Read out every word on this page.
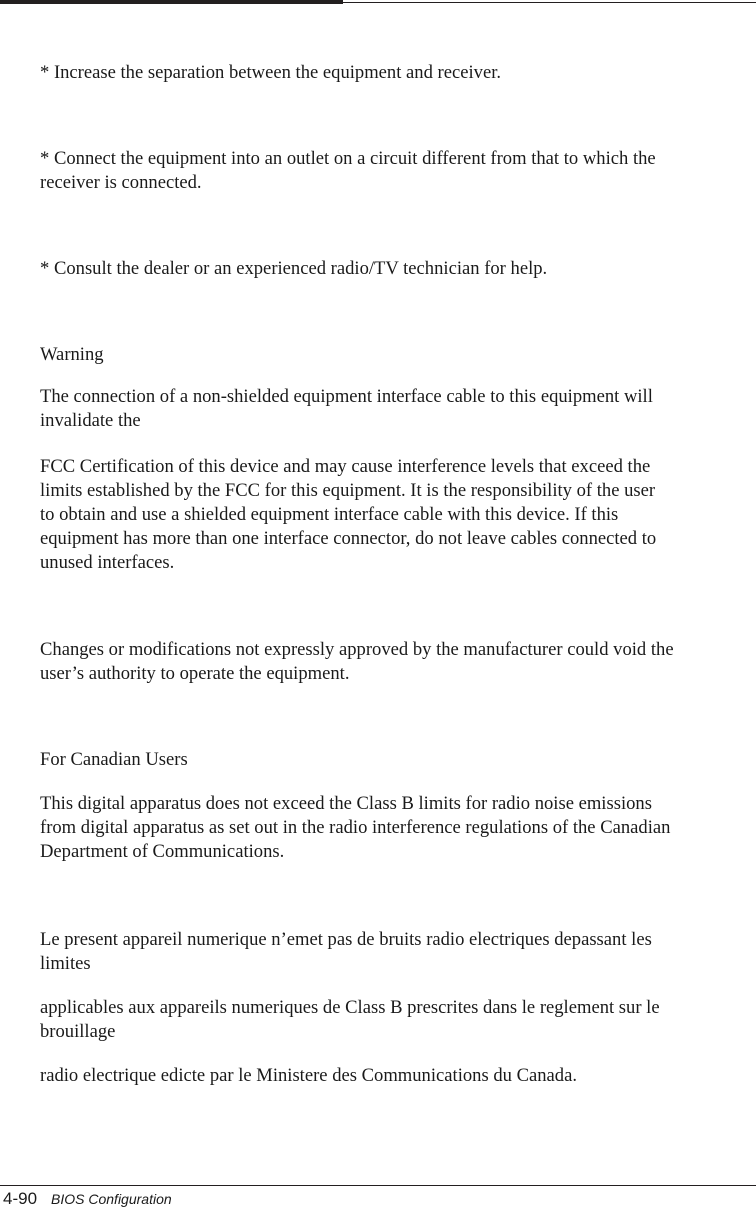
* Increase the separation between the equipment and receiver.

* Connect the equipment into an outlet on a circuit different from that to which the

receiver is connected.

* Consult the dealer or an experienced radio/TV technician for help.

Warning

The connection of a non-shielded equipment interface cable to this equipment will

invalidate the

FCC Certification of this device and may cause interference levels that exceed the

limits established by the FCC for this equipment. It is the responsibility of the user

to obtain and use a shielded equipment interface cable with this device. If this

equipment has more than one interface connector, do not leave cables connected to

unused interfaces.

Changes or modifications not expressly approved by the manufacturer could void the

user’s authority to operate the equipment.

For Canadian Users

This digital apparatus does not exceed the Class B limits for radio noise emissions

from digital apparatus as set out in the radio interference regulations of the Canadian

Department of Communications.

Le present appareil numerique n’emet pas de bruits radio electriques depassant les

limites

applicables aux appareils numeriques de Class B prescrites dans le reglement sur le

brouillage

radio electrique edicte par le Ministere des Communications du Canada.

4-90 BIOS Configuration
